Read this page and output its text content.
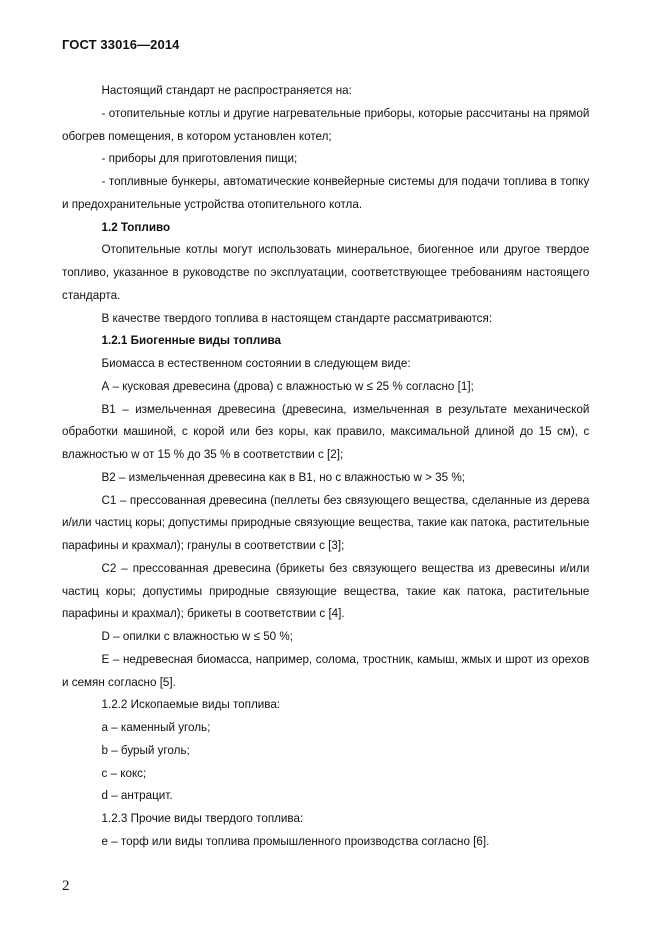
ГОСТ 33016—2014

Настоящий стандарт не распространяется на:

- отопительные котлы и другие нагревательные приборы, которые рассчитаны на прямой обогрев помещения, в котором установлен котел;

- приборы для приготовления пищи;

- топливные бункеры, автоматические конвейерные системы для подачи топлива в топку и предохранительные устройства отопительного котла.

1.2 Топливо

Отопительные котлы могут использовать минеральное, биогенное или другое твердое топливо, указанное в руководстве по эксплуатации, соответствующее требованиям настоящего стандарта.

В качестве твердого топлива в настоящем стандарте рассматриваются:

1.2.1 Биогенные виды топлива

Биомасса в естественном состоянии в следующем виде:

А – кусковая древесина (дрова) с влажностью w ≤ 25 % согласно [1];

В1 – измельченная древесина (древесина, измельченная в результате механической обработки машиной, с корой или без коры, как правило, максимальной длиной до 15 см), с влажностью w от 15 % до 35 % в соответствии с [2];

В2 – измельченная древесина как в В1, но с влажностью w > 35 %;

С1 – прессованная древесина (пеллеты без связующего вещества, сделанные из дерева и/или частиц коры; допустимы природные связующие вещества, такие как патока, растительные парафины и крахмал); гранулы в соответствии с [3];

С2 – прессованная древесина (брикеты без связующего вещества из древесины и/или частиц коры; допустимы природные связующие вещества, такие как патока, растительные парафины и крахмал); брикеты в соответствии с [4].

D – опилки с влажностью w ≤ 50 %;

Е – недревесная биомасса, например, солома, тростник, камыш, жмых и шрот из орехов и семян согласно [5].

1.2.2 Ископаемые виды топлива:

a – каменный уголь;

b – бурый уголь;

c – кокс;

d – антрацит.

1.2.3 Прочие виды твердого топлива:

e – торф или виды топлива промышленного производства согласно [6].

2
